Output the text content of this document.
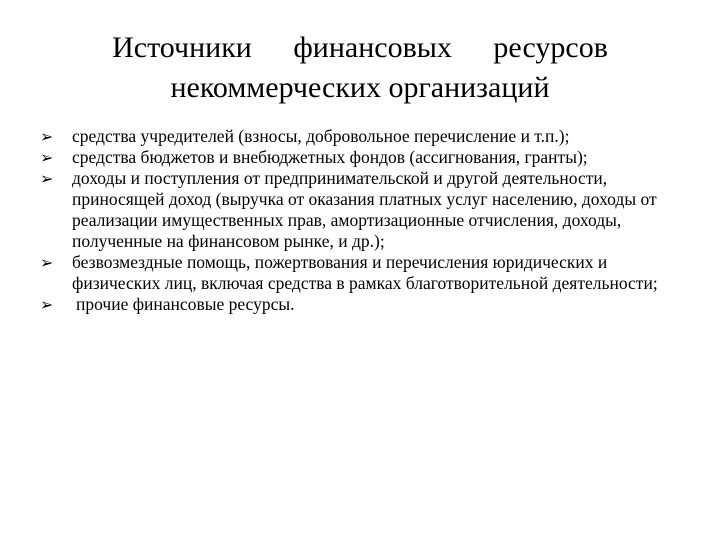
Источники финансовых ресурсов
некоммерческих организаций
➢ средства учредителей (взносы, добровольное перечисление и т.п.);
➢ средства бюджетов и внебюджетных фондов (ассигнования, гранты);
➢ доходы и поступления от предпринимательской и другой деятельности, приносящей доход (выручка от оказания платных услуг населению, доходы от реализации имущественных прав, амортизационные отчисления, доходы, полученные на финансовом рынке, и др.);
➢ безвозмездные помощь, пожертвования и перечисления юридических и физических лиц, включая средства в рамках благотворительной деятельности;
➢ прочие финансовые ресурсы.
